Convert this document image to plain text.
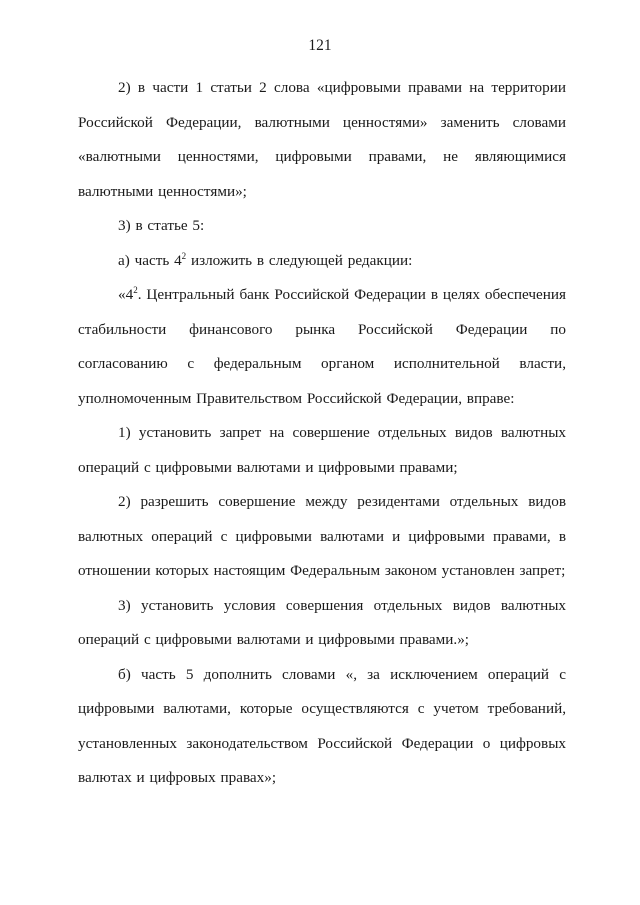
121

2) в части 1 статьи 2 слова «цифровыми правами на территории Российской Федерации, валютными ценностями» заменить словами «валютными ценностями, цифровыми правами, не являющимися валютными ценностями»;

3) в статье 5:

а) часть $4^2$ изложить в следующей редакции:

«$4^2$. Центральный банк Российской Федерации в целях обеспечения стабильности финансового рынка Российской Федерации по согласованию с федеральным органом исполнительной власти, уполномоченным Правительством Российской Федерации, вправе:

1) установить запрет на совершение отдельных видов валютных операций с цифровыми валютами и цифровыми правами;

2) разрешить совершение между резидентами отдельных видов валютных операций с цифровыми валютами и цифровыми правами, в отношении которых настоящим Федеральным законом установлен запрет;

3) установить условия совершения отдельных видов валютных операций с цифровыми валютами и цифровыми правами.»;

б) часть 5 дополнить словами «, за исключением операций с цифровыми валютами, которые осуществляются с учетом требований, установленных законодательством Российской Федерации о цифровых валютах и цифровых правах»;
